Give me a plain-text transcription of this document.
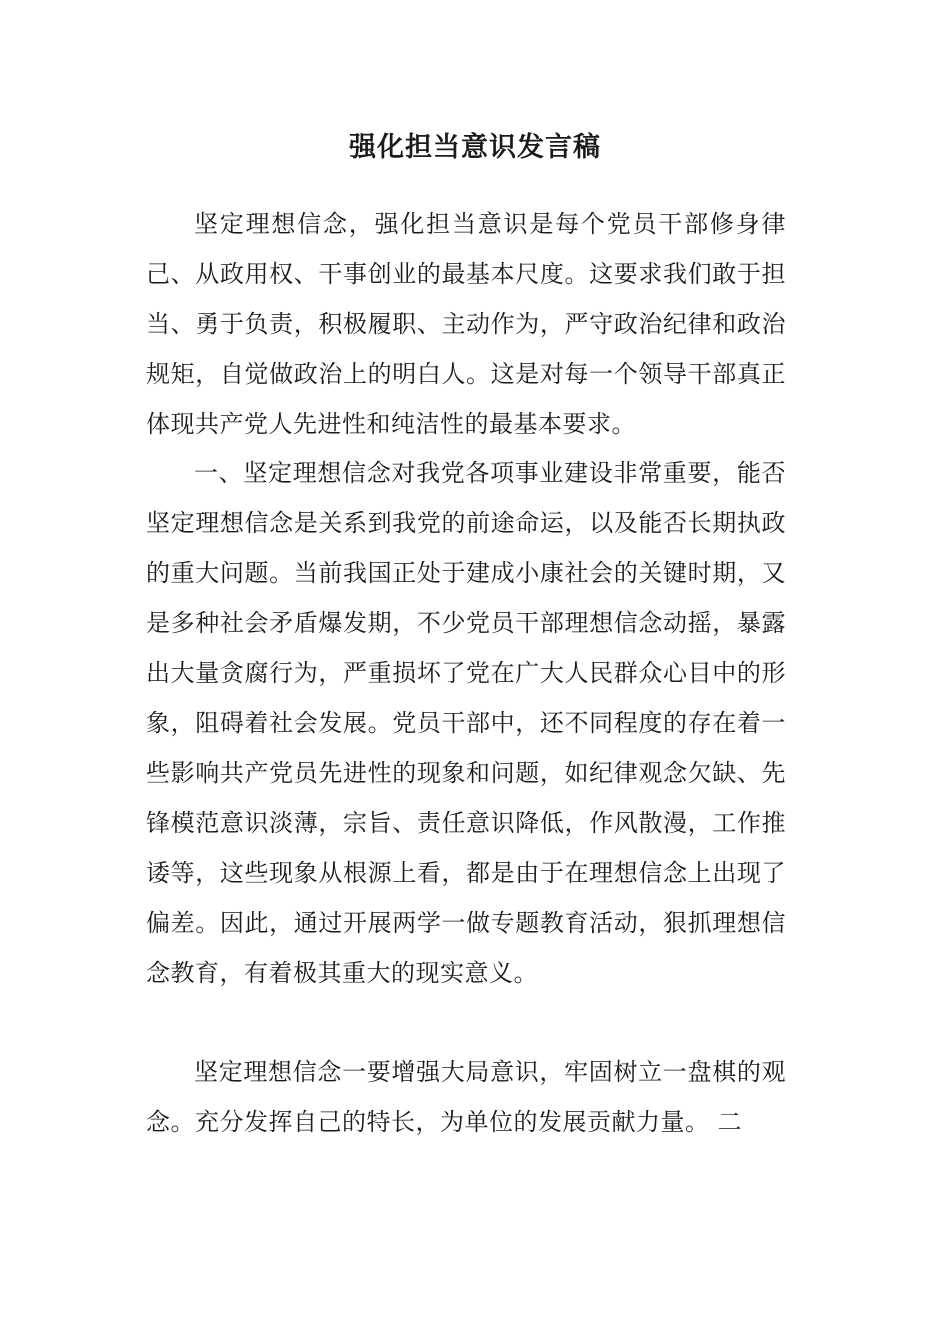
强化担当意识发言稿

坚定理想信念，强化担当意识是每个党员干部修身律己、从政用权、干事创业的最基本尺度。这要求我们敢于担当、勇于负责，积极履职、主动作为，严守政治纪律和政治规矩，自觉做政治上的明白人。这是对每一个领导干部真正体现共产党人先进性和纯洁性的最基本要求。

一、坚定理想信念对我党各项事业建设非常重要，能否坚定理想信念是关系到我党的前途命运，以及能否长期执政的重大问题。当前我国正处于建成小康社会的关键时期，又是多种社会矛盾爆发期，不少党员干部理想信念动摇，暴露出大量贪腐行为，严重损坏了党在广大人民群众心目中的形象，阻碍着社会发展。党员干部中，还不同程度的存在着一些影响共产党员先进性的现象和问题，如纪律观念欠缺、先锋模范意识淡薄，宗旨、责任意识降低，作风散漫，工作推诿等，这些现象从根源上看，都是由于在理想信念上出现了偏差。因此，通过开展两学一做专题教育活动，狠抓理想信念教育，有着极其重大的现实意义。

坚定理想信念一要增强大局意识，牢固树立一盘棋的观念。充分发挥自己的特长，为单位的发展贡献力量。 二
